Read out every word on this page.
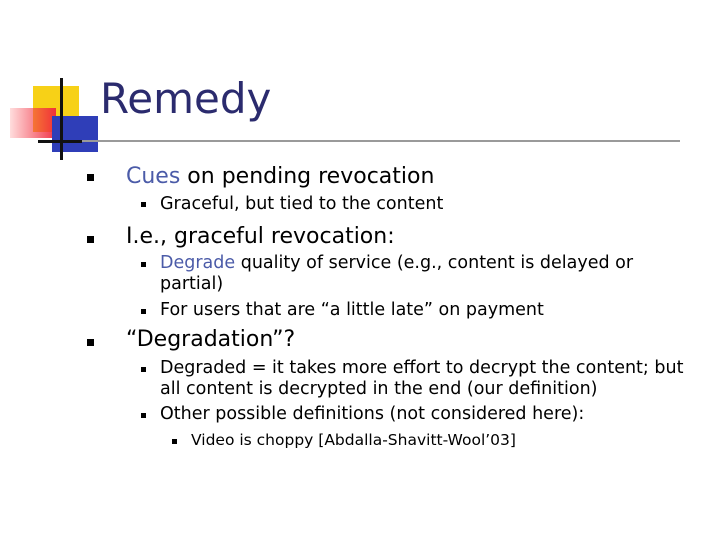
Remedy
Cues on pending revocation
Graceful, but tied to the content
I.e., graceful revocation:
Degrade quality of service (e.g., content is delayed or
partial)
For users that are “a little late” on payment
“Degradation”?
Degraded = it takes more effort to decrypt the content; but
all content is decrypted in the end (our definition)
Other possible definitions (not considered here):
Video is choppy [Abdalla-Shavitt-Wool’03]
